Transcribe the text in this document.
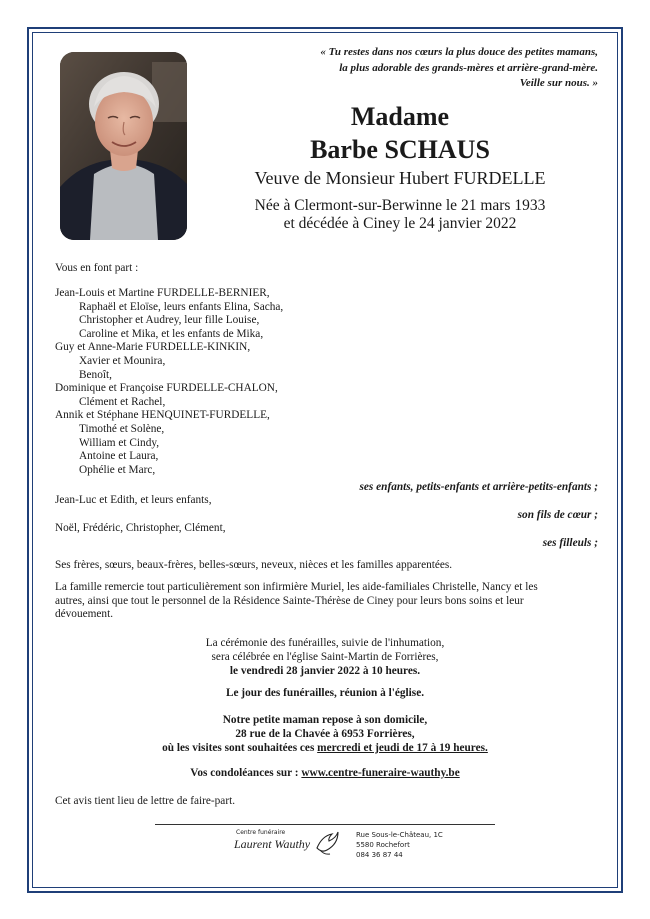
« Tu restes dans nos cœurs la plus douce des petites mamans,
la plus adorable des grands-mères et arrière-grand-mère.
Veille sur nous. »
Madame
Barbe SCHAUS
Veuve de Monsieur Hubert FURDELLE
Née à Clermont-sur-Berwinne le 21 mars 1933
et décédée à Ciney le 24 janvier 2022
Vous en font part :
Jean-Louis et Martine FURDELLE-BERNIER,
Raphaël et Eloïse, leurs enfants Elina, Sacha,
Christopher et Audrey, leur fille Louise,
Caroline et Mika, et les enfants de Mika,
Guy et Anne-Marie FURDELLE-KINKIN,
Xavier et Mounira,
Benoît,
Dominique et Françoise FURDELLE-CHALON,
Clément et Rachel,
Annik et Stéphane HENQUINET-FURDELLE,
Timothé et Solène,
William et Cindy,
Antoine et Laura,
Ophélie et Marc,
ses enfants, petits-enfants et arrière-petits-enfants ;
Jean-Luc et Edith, et leurs enfants,
son fils de cœur ;
Noël, Frédéric, Christopher, Clément,
ses filleuls ;
Ses frères, sœurs, beaux-frères, belles-sœurs, neveux, nièces et les familles apparentées.
La famille remercie tout particulièrement son infirmière Muriel, les aide-familiales Christelle, Nancy et les
autres, ainsi que tout le personnel de la Résidence Sainte-Thérèse de Ciney pour leurs bons soins et leur
dévouement.
La cérémonie des funérailles, suivie de l'inhumation,
sera célébrée en l'église Saint-Martin de Forrières,
le vendredi 28 janvier 2022 à 10 heures.
Le jour des funérailles, réunion à l'église.
Notre petite maman repose à son domicile,
28 rue de la Chavée à 6953 Forrières,
où les visites sont souhaitées ces mercredi et jeudi de 17 à 19 heures.
Vos condoléances sur : www.centre-funeraire-wauthy.be
Cet avis tient lieu de lettre de faire-part.
Centre funéraire
Laurent Wauthy
Rue Sous-le-Château, 1C
5580 Rochefort
084 36 87 44
